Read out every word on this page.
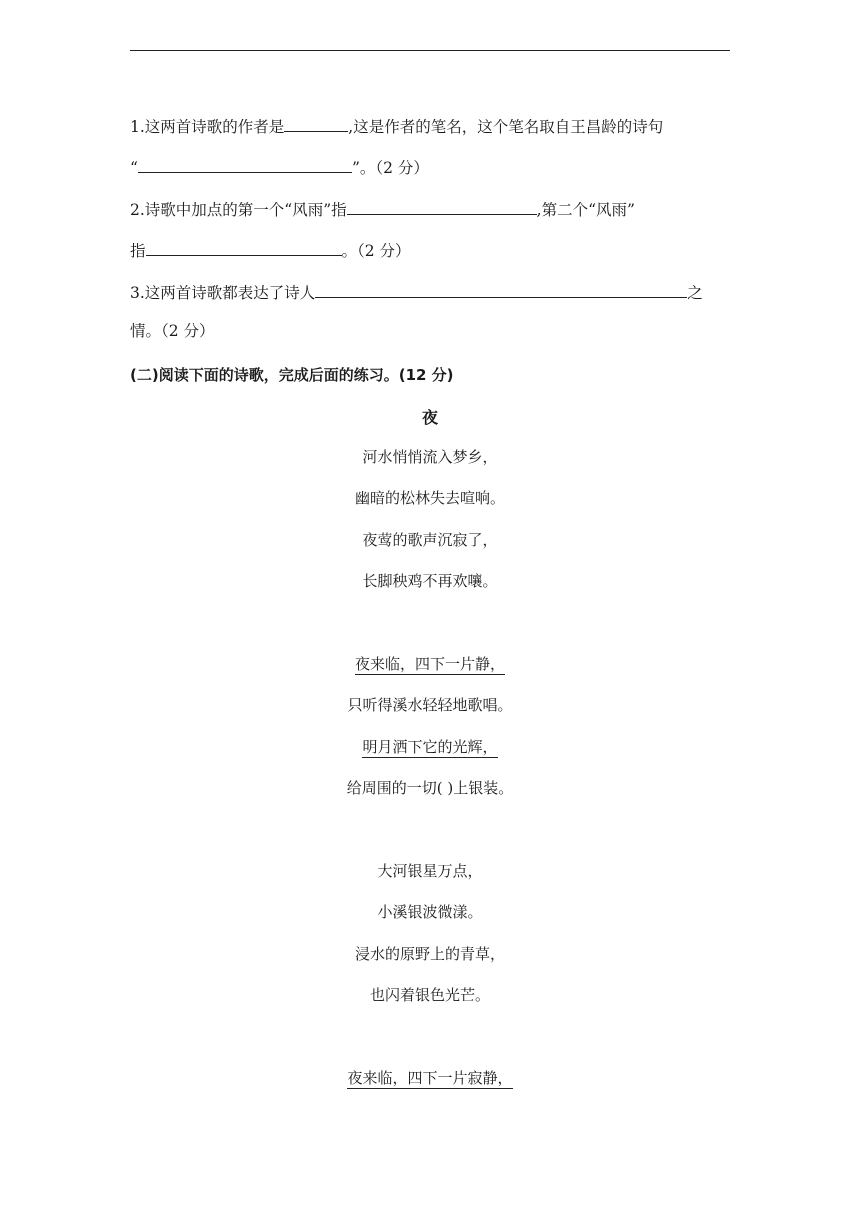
1.这两首诗歌的作者是	,这是作者的笔名，这个笔名取自王昌龄的诗句
“	”。（2 分）
2.诗歌中加点的第一个“风雨”指	,第二个“风雨”
指	。（2 分）
3.这两首诗歌都表达了诗人	之
情。（2 分）
(二)阅读下面的诗歌，完成后面的练习。(12 分)
夜
河水悄悄流入梦乡，
幽暗的松林失去喧响。
夜莺的歌声沉寂了，
长脚秧鸡不再欢嚷。
夜来临，四下一片静，
只听得溪水轻轻地歌唱。
明月洒下它的光辉，
给周围的一切( )上银装。
大河银星万点，
小溪银波微漾。
浸水的原野上的青草，
也闪着银色光芒。
夜来临，四下一片寂静，
